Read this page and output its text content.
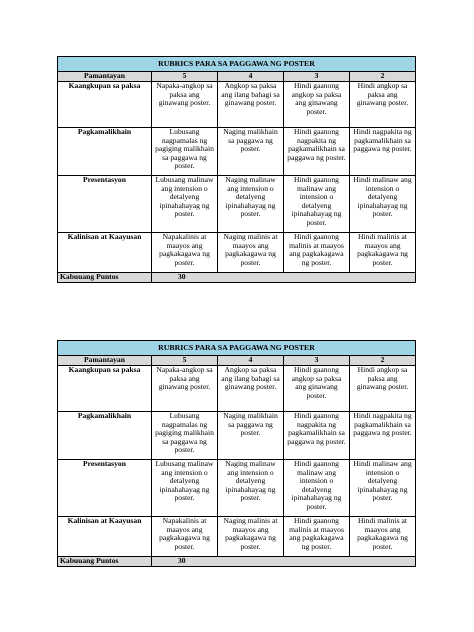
RUBRICS PARA SA PAGGAWA NG POSTER				
Pamantayan	5	4	3	2
Kaangkupan sa paksa	Napaka-angkop sa paksa ang ginawang poster.	Angkop sa paksa ang ilang bahagi sa ginawang poster.	Hindi gaanong angkop sa paksa ang ginawang poster.	Hindi angkop sa paksa ang ginawang poster.
Pagkamalikhain	Lubusang nagpamalas ng pagiging malikhain sa paggawa ng poster.	Naging malikhain sa paggawa ng poster.	Hindi gaanong nagpakita ng pagkamalikhain sa paggawa ng poster.	Hindi nagpakita ng pagkamalikhain sa paggawa ng poster.
Presentasyon	Lubusang malinaw ang intension o detalyeng ipinahahayag ng poster.	Naging malinaw ang intension o detalyeng ipinahahayag ng poster.	Hindi gaanong malinaw ang intension o detalyeng ipinahahayag ng poster.	Hindi malinaw ang intension o detalyeng ipinahahayag ng poster.
Kalinisan at Kaayusan	Napakalinis at maayos ang pagkakagawa ng poster.	Naging malinis at maayos ang pagkakagawa ng poster.	Hindi gaanong malinis at maayos ang pagkakagawa ng poster.	Hindi malinis at maayos ang pagkakagawa ng poster.
Kabuuang Puntos	30			
RUBRICS PARA SA PAGGAWA NG POSTER				
Pamantayan	5	4	3	2
Kaangkupan sa paksa	Napaka-angkop sa paksa ang ginawang poster.	Angkop sa paksa ang ilang bahagi sa ginawang poster.	Hindi gaanong angkop sa paksa ang ginawang poster.	Hindi angkop sa paksa ang ginawang poster.
Pagkamalikhain	Lubusang nagpamalas ng pagiging malikhain sa paggawa ng poster.	Naging malikhain sa paggawa ng poster.	Hindi gaanong nagpakita ng pagkamalikhain sa paggawa ng poster.	Hindi nagpakita ng pagkamalikhain sa paggawa ng poster.
Presentasyon	Lubusang malinaw ang intension o detalyeng ipinahahayag ng poster.	Naging malinaw ang intension o detalyeng ipinahahayag ng poster.	Hindi gaanong malinaw ang intension o detalyeng ipinahahayag ng poster.	Hindi malinaw ang intension o detalyeng ipinahahayag ng poster.
Kalinisan at Kaayusan	Napakalinis at maayos ang pagkakagawa ng poster.	Naging malinis at maayos ang pagkakagawa ng poster.	Hindi gaanong malinis at maayos ang pagkakagawa ng poster.	Hindi malinis at maayos ang pagkakagawa ng poster.
Kabuuang Puntos	30			
